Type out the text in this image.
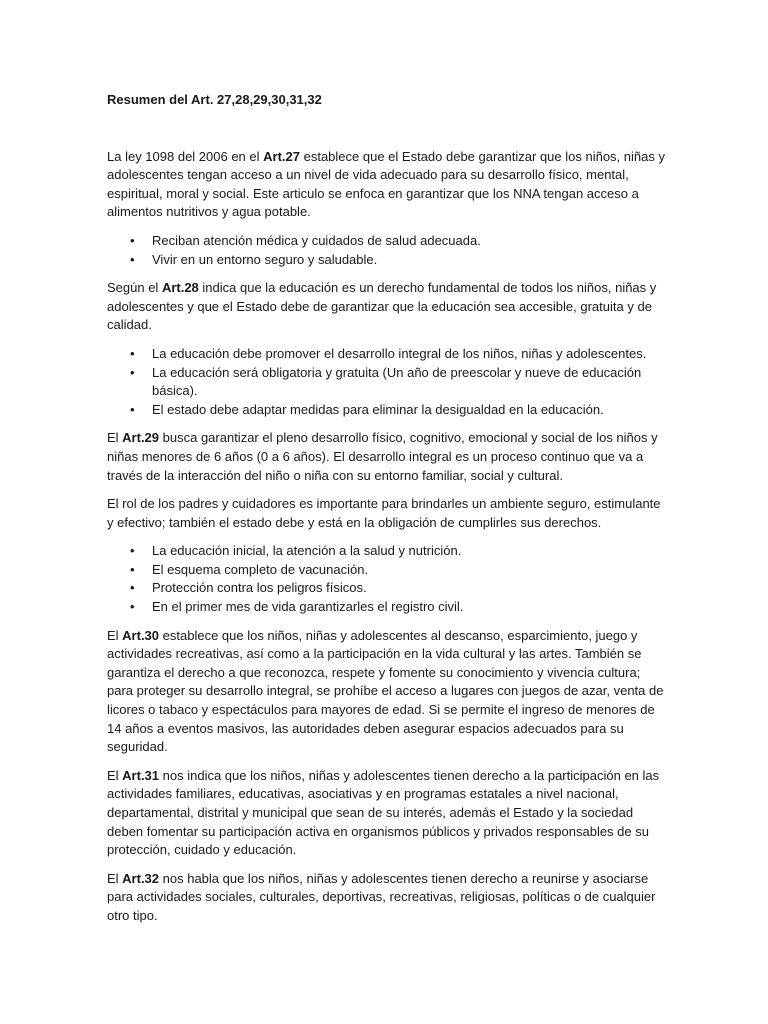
Resumen del Art. 27,28,29,30,31,32

La ley 1098 del 2006 en el Art.27 establece que el Estado debe garantizar que los niños, niñas y adolescentes tengan acceso a un nivel de vida adecuado para su desarrollo físico, mental, espiritual, moral y social. Este articulo se enfoca en garantizar que los NNA tengan acceso a alimentos nutritivos y agua potable.

• Reciban atención médica y cuidados de salud adecuada.
• Vivir en un entorno seguro y saludable.

Según el Art.28 indica que la educación es un derecho fundamental de todos los niños, niñas y adolescentes y que el Estado debe de garantizar que la educación sea accesible, gratuita y de calidad.

• La educación debe promover el desarrollo integral de los niños, niñas y adolescentes.
• La educación será obligatoria y gratuita (Un año de preescolar y nueve de educación básica).
• El estado debe adaptar medidas para eliminar la desigualdad en la educación.

El Art.29 busca garantizar el pleno desarrollo físico, cognitivo, emocional y social de los niños y niñas menores de 6 años (0 a 6 años). El desarrollo integral es un proceso continuo que va a través de la interacción del niño o niña con su entorno familiar, social y cultural.

El rol de los padres y cuidadores es importante para brindarles un ambiente seguro, estimulante y efectivo; también el estado debe y está en la obligación de cumplirles sus derechos.

• La educación inicial, la atención a la salud y nutrición.
• El esquema completo de vacunación.
• Protección contra los peligros físicos.
• En el primer mes de vida garantizarles el registro civil.

El Art.30 establece que los niños, niñas y adolescentes al descanso, esparcimiento, juego y actividades recreativas, así como a la participación en la vida cultural y las artes. También se garantiza el derecho a que reconozca, respete y fomente su conocimiento y vivencia cultura; para proteger su desarrollo integral, se prohíbe el acceso a lugares con juegos de azar, venta de licores o tabaco y espectáculos para mayores de edad. Si se permite el ingreso de menores de 14 años a eventos masivos, las autoridades deben asegurar espacios adecuados para su seguridad.

El Art.31 nos indica que los niños, niñas y adolescentes tienen derecho a la participación en las actividades familiares, educativas, asociativas y en programas estatales a nivel nacional, departamental, distrital y municipal que sean de su interés, además el Estado y la sociedad deben fomentar su participación activa en organismos públicos y privados responsables de su protección, cuidado y educación.

El Art.32 nos habla que los niños, niñas y adolescentes tienen derecho a reunirse y asociarse para actividades sociales, culturales, deportivas, recreativas, religiosas, políticas o de cualquier otro tipo.
